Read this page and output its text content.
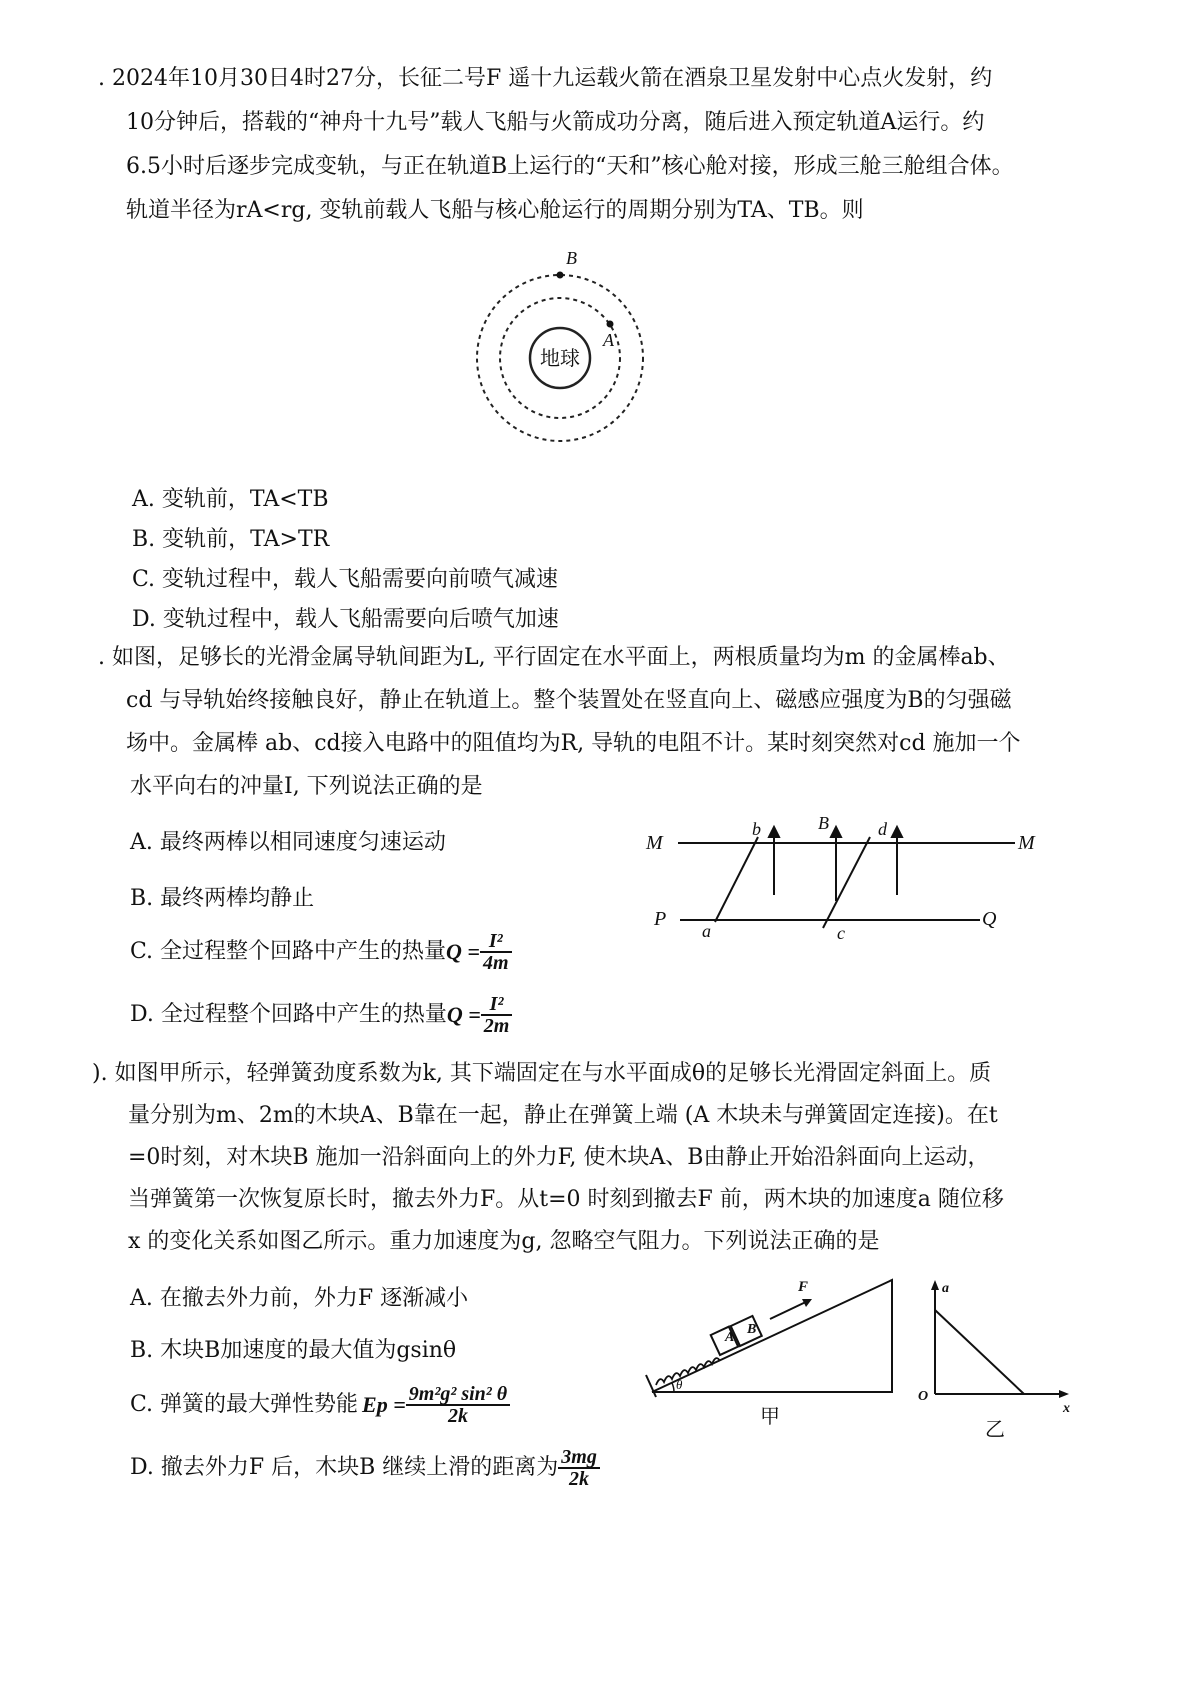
. 2024年10月30日4时27分，长征二号F 遥十九运载火箭在酒泉卫星发射中心点火发射，约
10分钟后，搭载的“神舟十九号”载人飞船与火箭成功分离，随后进入预定轨道A运行。约
6.5小时后逐步完成变轨，与正在轨道B上运行的“天和”核心舱对接，形成三舱三舱组合体。
轨道半径为rA<rg, 变轨前载人飞船与核心舱运行的周期分别为TA、TB。则
地球
B
A
A. 变轨前，TA<TB
B. 变轨前，TA>TR
C. 变轨过程中，载人飞船需要向前喷气减速
D. 变轨过程中，载人飞船需要向后喷气加速
. 如图，足够长的光滑金属导轨间距为L, 平行固定在水平面上，两根质量均为m 的金属棒ab、
cd 与导轨始终接触良好，静止在轨道上。整个装置处在竖直向上、磁感应强度为B的匀强磁
场中。金属棒 ab、cd接入电路中的阻值均为R, 导轨的电阻不计。某时刻突然对cd 施加一个
水平向右的冲量I, 下列说法正确的是
M	M
P	Q
a
b
c
d
B
A. 最终两棒以相同速度匀速运动
B. 最终两棒均静止
C. 全过程整个回路中产生的热量 $Q = \frac{\text{I²}}{4m}$
D. 全过程整个回路中产生的热量 $Q = \frac{\text{I²}}{2m}$
). 如图甲所示，轻弹簧劲度系数为k, 其下端固定在与水平面成θ的足够长光滑固定斜面上。质
量分别为m、2m的木块A、B靠在一起，静止在弹簧上端 (A 木块未与弹簧固定连接)。在t
=0时刻，对木块B 施加一沿斜面向上的外力F, 使木块A、B由静止开始沿斜面向上运动，
当弹簧第一次恢复原长时，撤去外力F。从t=0 时刻到撤去F 前，两木块的加速度a 随位移
x 的变化关系如图乙所示。重力加速度为g, 忽略空气阻力。下列说法正确的是
A
B
F
θ
甲
a
O
x
乙
A. 在撤去外力前，外力F 逐渐减小
B. 木块B加速度的最大值为gsinθ
C. 弹簧的最大弹性势能 $Ep = \frac{\text{9m²g² sin² θ}}{2k}$
D. 撤去外力F 后，木块B 继续上滑的距离为 $\frac{3mg}{2k}$
